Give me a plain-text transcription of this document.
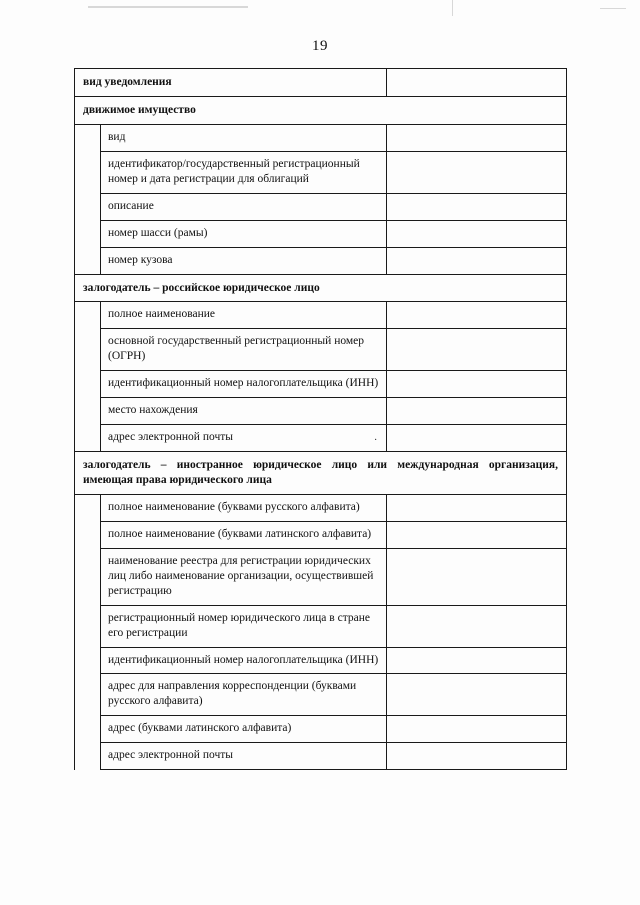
19
вид уведомления		
движимое имущество		
	вид	
	идентификатор/государственный регистрационный номер и дата регистрации для облигаций	
	описание	
	номер шасси (рамы)	
	номер кузова	
залогодатель – российское юридическое лицо		
	полное наименование	
	основной государственный регистрационный номер (ОГРН)	
	идентификационный номер налогоплательщика (ИНН)	
	место нахождения	
	адрес электронной почты .	

залогодатель – иностранное юридическое лицо или международная организация, имеющая права юридического лица		
	полное наименование (буквами русского алфавита)	
	полное наименование (буквами латинского алфавита)	
	наименование реестра для регистрации юридических лиц либо наименование организации, осуществившей регистрацию	
	регистрационный номер юридического лица в стране его регистрации	
	идентификационный номер налогоплательщика (ИНН)	
	адрес для направления корреспонденции (буквами русского алфавита)	
	адрес (буквами латинского алфавита)	
	адрес электронной почты	
